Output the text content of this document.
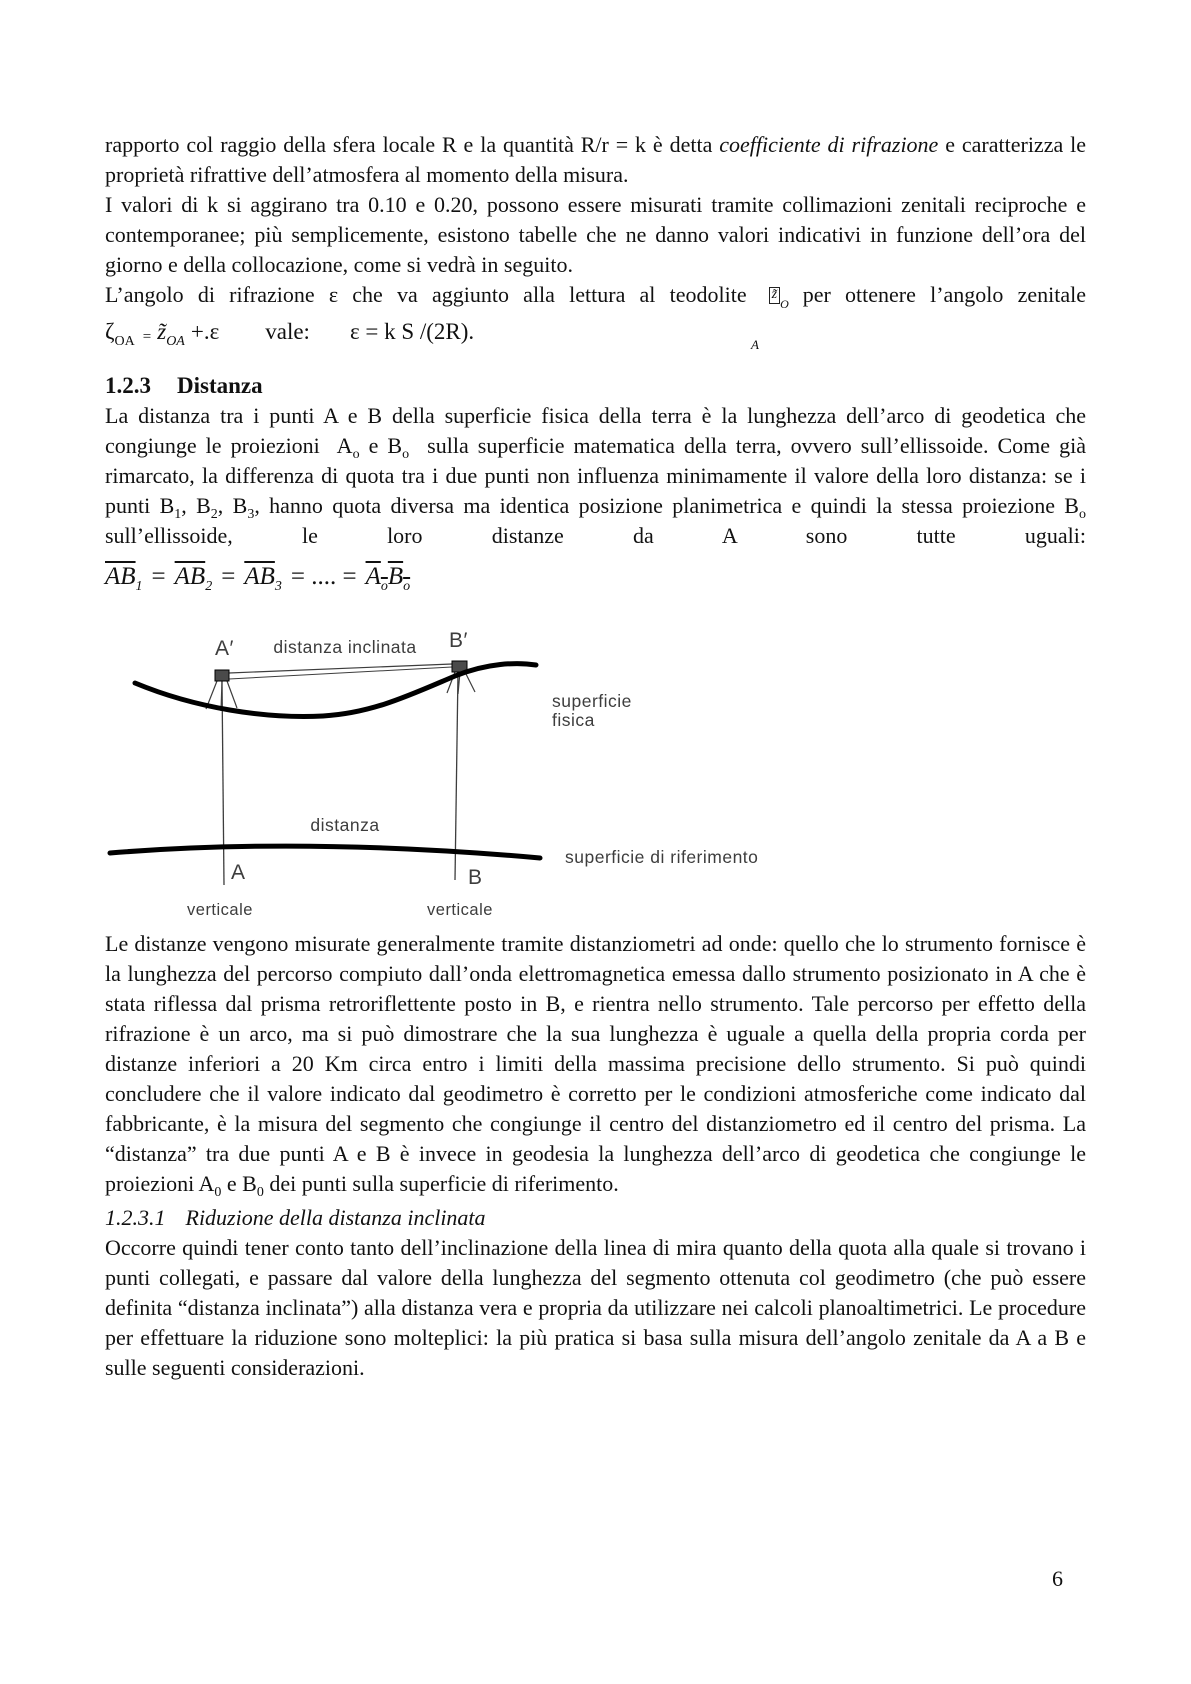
rapporto col raggio della sfera locale R e la quantità R/r = k è detta coefficiente di rifrazione e caratterizza le proprietà rifrattive dell’atmosfera al momento della misura.

I valori di k si aggirano tra 0.10 e 0.20, possono essere misurati tramite collimazioni zenitali reciproche e contemporanee; più semplicemente, esistono tabelle che ne danno valori indicativi in funzione dell’ora del giorno e della collocazione, come si vedrà in seguito.

L’angolo di rifrazione ε che va aggiunto alla lettura al teodolite $z̃_O$ per ottenere l’angolo zenitale

$\zeta_{OA}$ = $z̃_{OA} +.\varepsilon$ vale: ε = k S /(2R).
A
1.2.3 Distanza

La distanza tra i punti A e B della superficie fisica della terra è la lunghezza dell’arco di geodetica che congiunge le proiezioni  $A_o$ e $B_o$  sulla superficie matematica della terra, ovvero sull’ellissoide. Come già rimarcato, la differenza di quota tra i due punti non influenza minimamente il valore della loro distanza: se i punti $B_1$, $B_2$, $B_3$, hanno quota diversa ma identica posizione planimetrica e quindi la stessa proiezione $B_o$ sull’ellissoide, le loro distanze da A sono tutte uguali:

$\overline{AB}_1 = \overline{AB}_2 = \overline{AB}_3$ = .... = $A_oB_o$
A′	B′
distanza inclinata
superficie
fisica
distanza
superficie di riferimento
A	B
verticale	verticale

Le distanze vengono misurate generalmente tramite distanziometri ad onde: quello che lo strumento fornisce è la lunghezza del percorso compiuto dall’onda elettromagnetica emessa dallo strumento posizionato in A che è stata riflessa dal prisma retroriflettente posto in B, e rientra nello strumento. Tale percorso per effetto della rifrazione è un arco, ma si può dimostrare che la sua lunghezza è uguale a quella della propria corda per distanze inferiori a 20 Km circa entro i limiti della massima precisione dello strumento. Si può quindi concludere che il valore indicato dal geodimetro è corretto per le condizioni atmosferiche come indicato dal fabbricante, è la misura del segmento che congiunge il centro del distanziometro ed il centro del prisma. La “distanza” tra due punti A e B è invece in geodesia la lunghezza dell’arco di geodetica che congiunge le proiezioni $A_0$ e $B_0$ dei punti sulla superficie di riferimento.

1.2.3.1 Riduzione della distanza inclinata

Occorre quindi tener conto tanto dell’inclinazione della linea di mira quanto della quota alla quale si trovano i punti collegati, e passare dal valore della lunghezza del segmento ottenuta col geodimetro (che può essere definita “distanza inclinata”) alla distanza vera e propria da utilizzare nei calcoli planoaltimetrici. Le procedure per effettuare la riduzione sono molteplici: la più pratica si basa sulla misura dell’angolo zenitale da A a B e sulle seguenti considerazioni.

6
